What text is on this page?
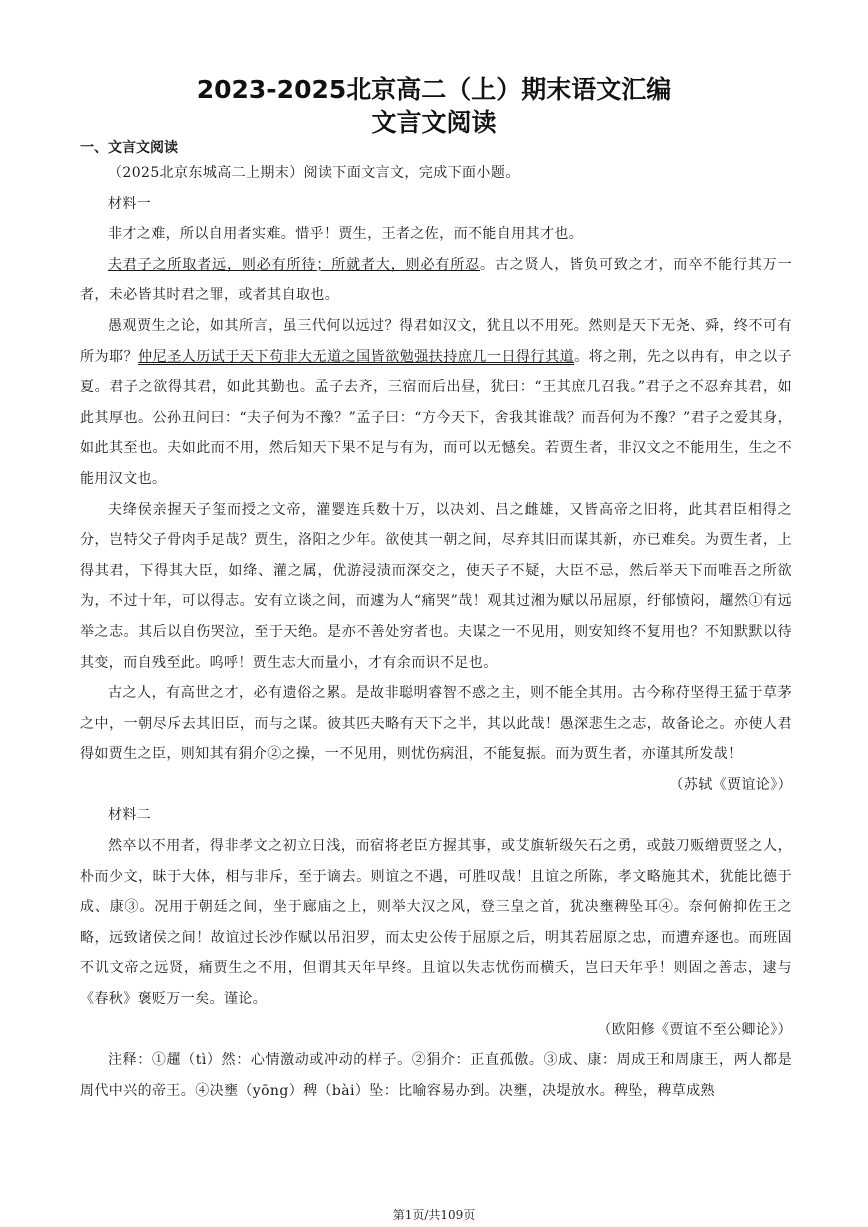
2023-2025北京高二（上）期末语文汇编
文言文阅读
一、文言文阅读

（2025北京东城高二上期末）阅读下面文言文，完成下面小题。

材料一

非才之难，所以自用者实难。惜乎！贾生，王者之佐，而不能自用其才也。

夫君子之所取者远，则必有所待；所就者大，则必有所忍。古之贤人，皆负可致之才，而卒不能行其万一者，未必皆其时君之罪，或者其自取也。

愚观贾生之论，如其所言，虽三代何以远过？得君如汉文，犹且以不用死。然则是天下无尧、舜，终不可有所为耶？仲尼圣人历试于天下苟非大无道之国皆欲勉强扶持庶几一日得行其道。将之荆，先之以冉有，申之以子夏。君子之欲得其君，如此其勤也。孟子去齐，三宿而后出昼，犹曰：“王其庶几召我。”君子之不忍弃其君，如此其厚也。公孙丑问曰：“夫子何为不豫？”孟子曰：“方今天下，舍我其谁哉？而吾何为不豫？”君子之爱其身，如此其至也。夫如此而不用，然后知天下果不足与有为，而可以无憾矣。若贾生者，非汉文之不能用生，生之不能用汉文也。

夫绛侯亲握天子玺而授之文帝，灌婴连兵数十万，以决刘、吕之雌雄，又皆高帝之旧将，此其君臣相得之分，岂特父子骨肉手足哉？贾生，洛阳之少年。欲使其一朝之间，尽弃其旧而谋其新，亦已难矣。为贾生者，上得其君，下得其大臣，如绛、灌之属，优游浸渍而深交之，使天子不疑，大臣不忌，然后举天下而唯吾之所欲为，不过十年，可以得志。安有立谈之间，而遽为人“痛哭”哉！观其过湘为赋以吊屈原，纡郁愤闷，趯然①有远举之志。其后以自伤哭泣，至于天绝。是亦不善处穷者也。夫谋之一不见用，则安知终不复用也？不知默默以待其变，而自残至此。呜呼！贾生志大而量小，才有余而识不足也。

古之人，有高世之才，必有遗俗之累。是故非聪明睿智不惑之主，则不能全其用。古今称苻坚得王猛于草茅之中，一朝尽斥去其旧臣，而与之谋。彼其匹夫略有天下之半，其以此哉！愚深悲生之志，故备论之。亦使人君得如贾生之臣，则知其有狷介②之操，一不见用，则忧伤病沮，不能复振。而为贾生者，亦谨其所发哉！

（苏轼《贾谊论》）

材料二

然卒以不用者，得非孝文之初立日浅，而宿将老臣方握其事，或艾旗斩级矢石之勇，或鼓刀贩缯贾竖之人，朴而少文，昧于大体，相与非斥，至于谪去。则谊之不遇，可胜叹哉！且谊之所陈，孝文略施其术，犹能比德于成、康③。况用于朝廷之间，坐于廊庙之上，则举大汉之风，登三皇之首，犹决壅稗坠耳④。奈何俯抑佐王之略，远致诸侯之间！故谊过长沙作赋以吊汨罗，而太史公传于屈原之后，明其若屈原之忠，而遭弃逐也。而班固不讥文帝之远贤，痛贾生之不用，但谓其天年早终。且谊以失志忧伤而横夭，岂曰天年乎！则固之善志，逮与《春秋》褒贬万一矣。谨论。

（欧阳修《贾谊不至公卿论》）

注释：①趯（tì）然：心情激动或冲动的样子。②狷介：正直孤傲。③成、康：周成王和周康王，两人都是周代中兴的帝王。④决壅（yōng）稗（bài）坠：比喻容易办到。决壅，决堤放水。稗坠，稗草成熟

第1页/共109页
